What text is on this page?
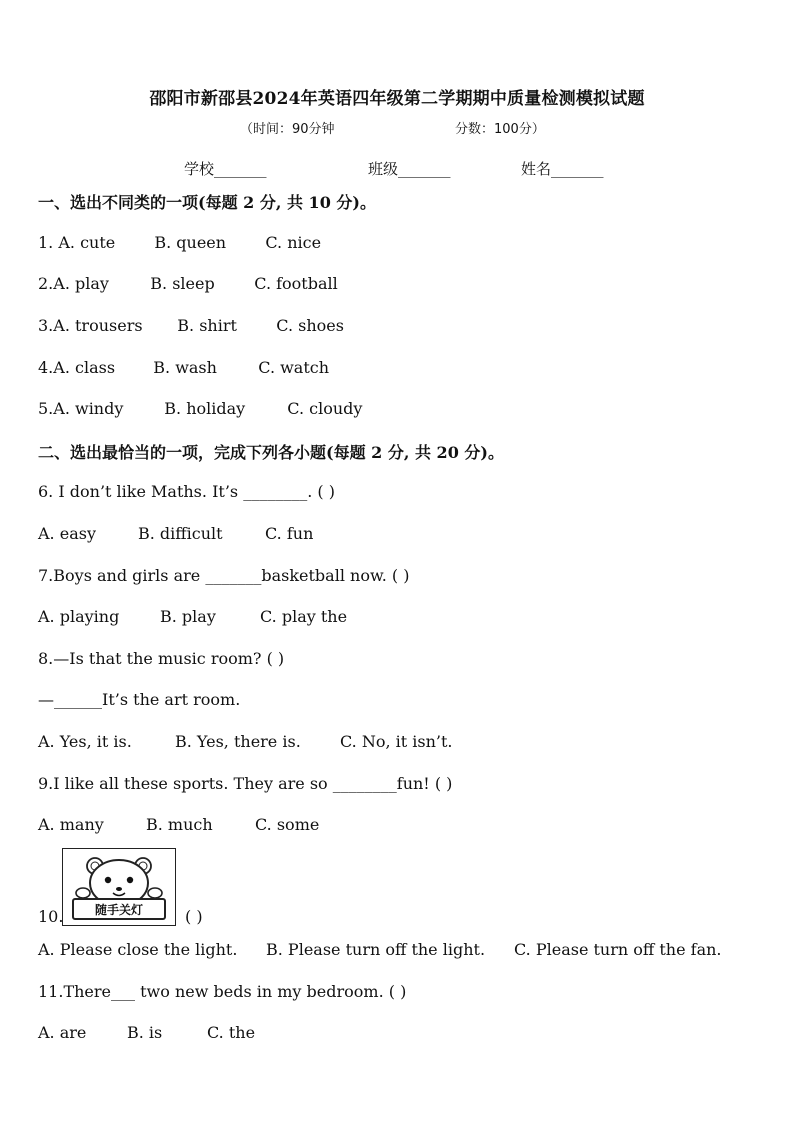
邵阳市新邵县2024年英语四年级第二学期期中质量检测模拟试题
（时间：90分钟	分数：100分）
学校_______	班级_______	姓名_______
一、选出不同类的一项(每题 2 分, 共 10 分)。
1. A. cute B. queen C. nice
2.A. play	B. sleep C. football
3.A. trousers B. shirt C. shoes
4.A. class B. wash	C. watch
5.A. windy	B. holiday	C. cloudy
二、选出最恰当的一项，完成下列各小题(每题 2 分, 共 20 分)。
6. I don’t like Maths. It’s ________. ( )
A. easy	B. difficult	C. fun
7.Boys and girls are _______basketball now. ( )
A. playing	B. play	C. play the
8.—Is that the music room? ( )
—______It’s the art room.
A. Yes, it is.	B. Yes, there is. C. No, it isn’t.
9.I like all these sports. They are so ________fun! ( )
A. many	B. much	C. some
随手关灯
10.	( )
A. Please close the light. B. Please turn off the light. C. Please turn off the fan.
11.There___ two new beds in my bedroom. ( )
A. are	B. is	C. the
